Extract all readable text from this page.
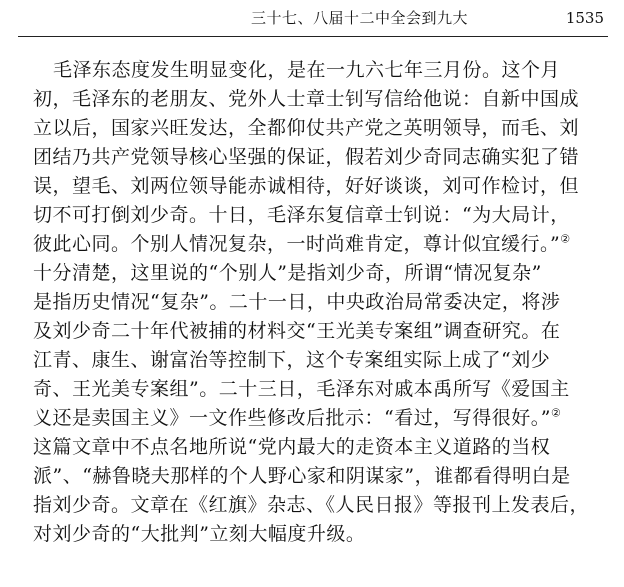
三十七、八届十二中全会到九大	1535
毛泽东态度发生明显变化，是在一九六七年三月份。这个月
初，毛泽东的老朋友、党外人士章士钊写信给他说：自新中国成
立以后，国家兴旺发达，全都仰仗共产党之英明领导，而毛、刘
团结乃共产党领导核心坚强的保证，假若刘少奇同志确实犯了错
误，望毛、刘两位领导能赤诚相待，好好谈谈，刘可作检讨，但
切不可打倒刘少奇。十日，毛泽东复信章士钊说：“为大局计，
彼此心同。个别人情况复杂，一时尚难肯定，尊计似宜缓行。”②
十分清楚，这里说的“个别人”是指刘少奇，所谓“情况复杂”
是指历史情况“复杂”。二十一日，中央政治局常委决定，将涉
及刘少奇二十年代被捕的材料交“王光美专案组”调查研究。在
江青、康生、谢富治等控制下，这个专案组实际上成了“刘少
奇、王光美专案组”。二十三日，毛泽东对戚本禹所写《爱国主
义还是卖国主义》一文作些修改后批示：“看过，写得很好。”②
这篇文章中不点名地所说“党内最大的走资本主义道路的当权
派”、“赫鲁晓夫那样的个人野心家和阴谋家”，谁都看得明白是
指刘少奇。文章在《红旗》杂志、《人民日报》等报刊上发表后，
对刘少奇的“大批判”立刻大幅度升级。
